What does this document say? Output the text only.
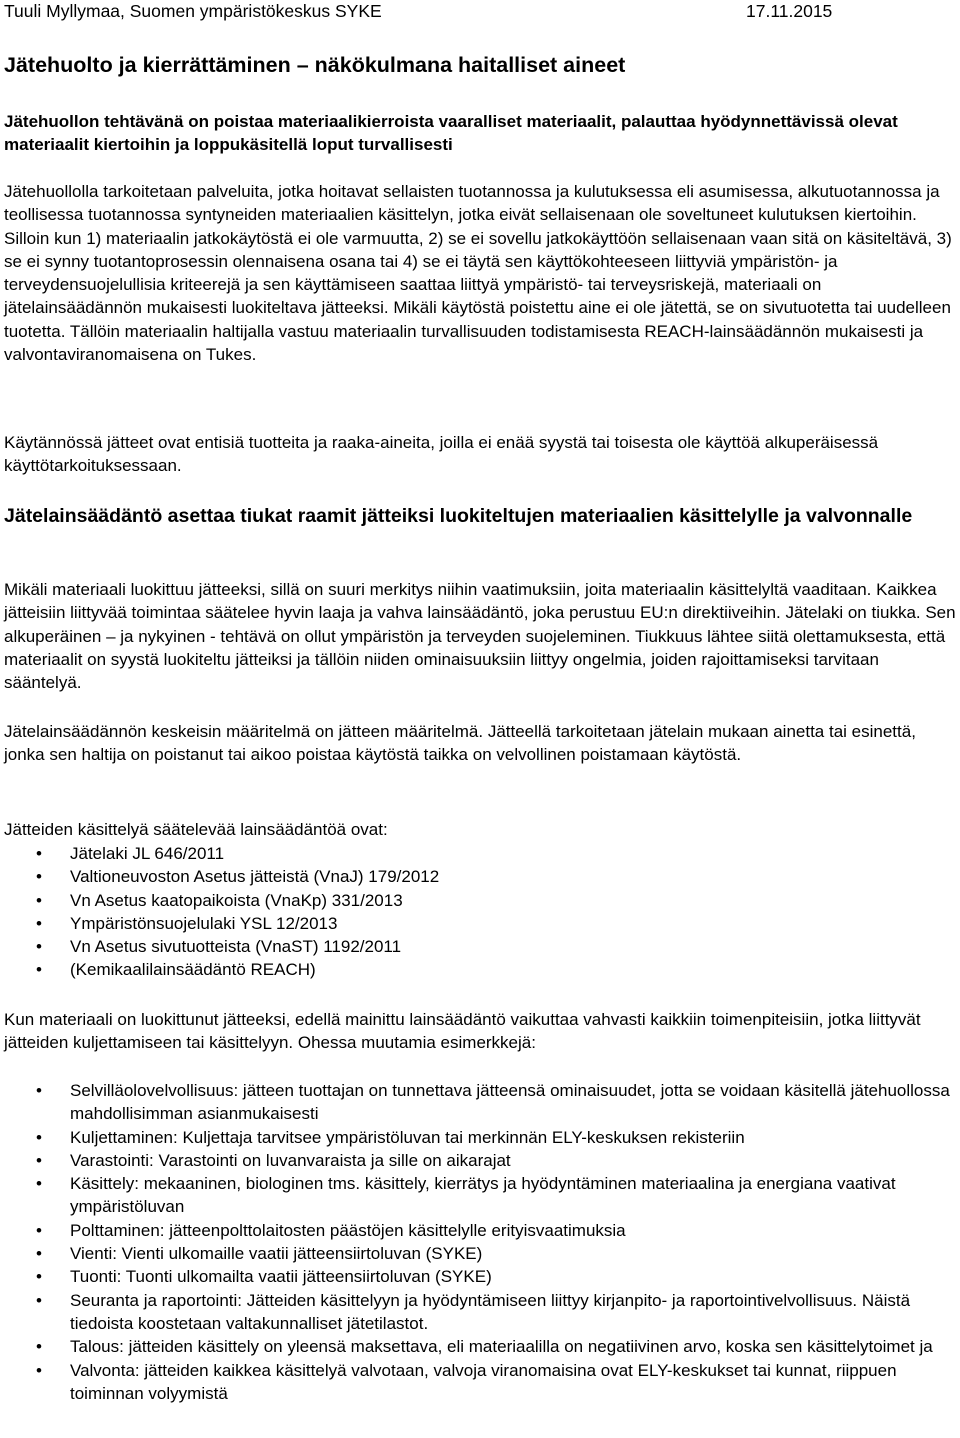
Tuuli Myllymaa, Suomen ympäristökeskus SYKE	17.11.2015
Jätehuolto ja kierrättäminen – näkökulmana haitalliset aineet

Jätehuollon tehtävänä on poistaa materiaalikierroista vaaralliset materiaalit, palauttaa hyödynnettävissä olevat materiaalit kiertoihin ja loppukäsitellä loput turvallisesti

Jätehuollolla tarkoitetaan palveluita, jotka hoitavat sellaisten tuotannossa ja kulutuksessa eli asumisessa, alkutuotannossa ja teollisessa tuotannossa syntyneiden materiaalien käsittelyn, jotka eivät sellaisenaan ole soveltuneet kulutuksen kiertoihin. Silloin kun 1) materiaalin jatkokäytöstä ei ole varmuutta, 2) se ei sovellu jatkokäyttöön sellaisenaan vaan sitä on käsiteltävä, 3) se ei synny tuotantoprosessin olennaisena osana tai 4) se ei täytä sen käyttökohteeseen liittyviä ympäristön- ja terveydensuojelullisia kriteerejä ja sen käyttämiseen saattaa liittyä ympäristö- tai terveysriskejä, materiaali on jätelainsäädännön mukaisesti luokiteltava jätteeksi. Mikäli käytöstä poistettu aine ei ole jätettä, se on sivutuotetta tai uudelleen tuotetta. Tällöin materiaalin haltijalla vastuu materiaalin turvallisuuden todistamisesta REACH-lainsäädännön mukaisesti ja valvontaviranomaisena on Tukes.

Käytännössä jätteet ovat entisiä tuotteita ja raaka-aineita, joilla ei enää syystä tai toisesta ole käyttöä alkuperäisessä käyttötarkoituksessaan.

Jätelainsäädäntö asettaa tiukat raamit jätteiksi luokiteltujen materiaalien käsittelylle ja valvonnalle

Mikäli materiaali luokittuu jätteeksi, sillä on suuri merkitys niihin vaatimuksiin, joita materiaalin käsittelyltä vaaditaan. Kaikkea jätteisiin liittyvää toimintaa säätelee hyvin laaja ja vahva lainsäädäntö, joka perustuu EU:n direktiiveihin. Jätelaki on tiukka. Sen alkuperäinen – ja nykyinen - tehtävä on ollut ympäristön ja terveyden suojeleminen. Tiukkuus lähtee siitä olettamuksesta, että materiaalit on syystä luokiteltu jätteiksi ja tällöin niiden ominaisuuksiin liittyy ongelmia, joiden rajoittamiseksi tarvitaan sääntelyä.

Jätelainsäädännön keskeisin määritelmä on jätteen määritelmä. Jätteellä tarkoitetaan jätelain mukaan ainetta tai esinettä, jonka sen haltija on poistanut tai aikoo poistaa käytöstä taikka on velvollinen poistamaan käytöstä.

Jätteiden käsittelyä säätelevää lainsäädäntöä ovat:

• Jätelaki JL 646/2011
• Valtioneuvoston Asetus jätteistä (VnaJ) 179/2012
• Vn Asetus kaatopaikoista (VnaKp) 331/2013
• Ympäristönsuojelulaki YSL 12/2013
• Vn Asetus sivutuotteista (VnaST) 1192/2011
• (Kemikaalilainsäädäntö REACH)

Kun materiaali on luokittunut jätteeksi, edellä mainittu lainsäädäntö vaikuttaa vahvasti kaikkiin toimenpiteisiin, jotka liittyvät jätteiden kuljettamiseen tai käsittelyyn. Ohessa muutamia esimerkkejä:

• Selvilläolovelvollisuus: jätteen tuottajan on tunnettava jätteensä ominaisuudet, jotta se voidaan käsitellä jätehuollossa mahdollisimman asianmukaisesti
• Kuljettaminen: Kuljettaja tarvitsee ympäristöluvan tai merkinnän ELY-keskuksen rekisteriin
• Varastointi: Varastointi on luvanvaraista ja sille on aikarajat
• Käsittely: mekaaninen, biologinen tms. käsittely, kierrätys ja hyödyntäminen materiaalina ja energiana vaativat ympäristöluvan
• Polttaminen: jätteenpolttolaitosten päästöjen käsittelylle erityisvaatimuksia
• Vienti: Vienti ulkomaille vaatii jätteensiirtoluvan (SYKE)
• Tuonti: Tuonti ulkomailta vaatii jätteensiirtoluvan (SYKE)
• Seuranta ja raportointi: Jätteiden käsittelyyn ja hyödyntämiseen liittyy kirjanpito- ja raportointivelvollisuus. Näistä tiedoista koostetaan valtakunnalliset jätetilastot.
• Talous: jätteiden käsittely on yleensä maksettava, eli materiaalilla on negatiivinen arvo, koska sen käsittelytoimet ja
• Valvonta: jätteiden kaikkea käsittelyä valvotaan, valvoja viranomaisina ovat ELY-keskukset tai kunnat, riippuen toiminnan volyymistä
